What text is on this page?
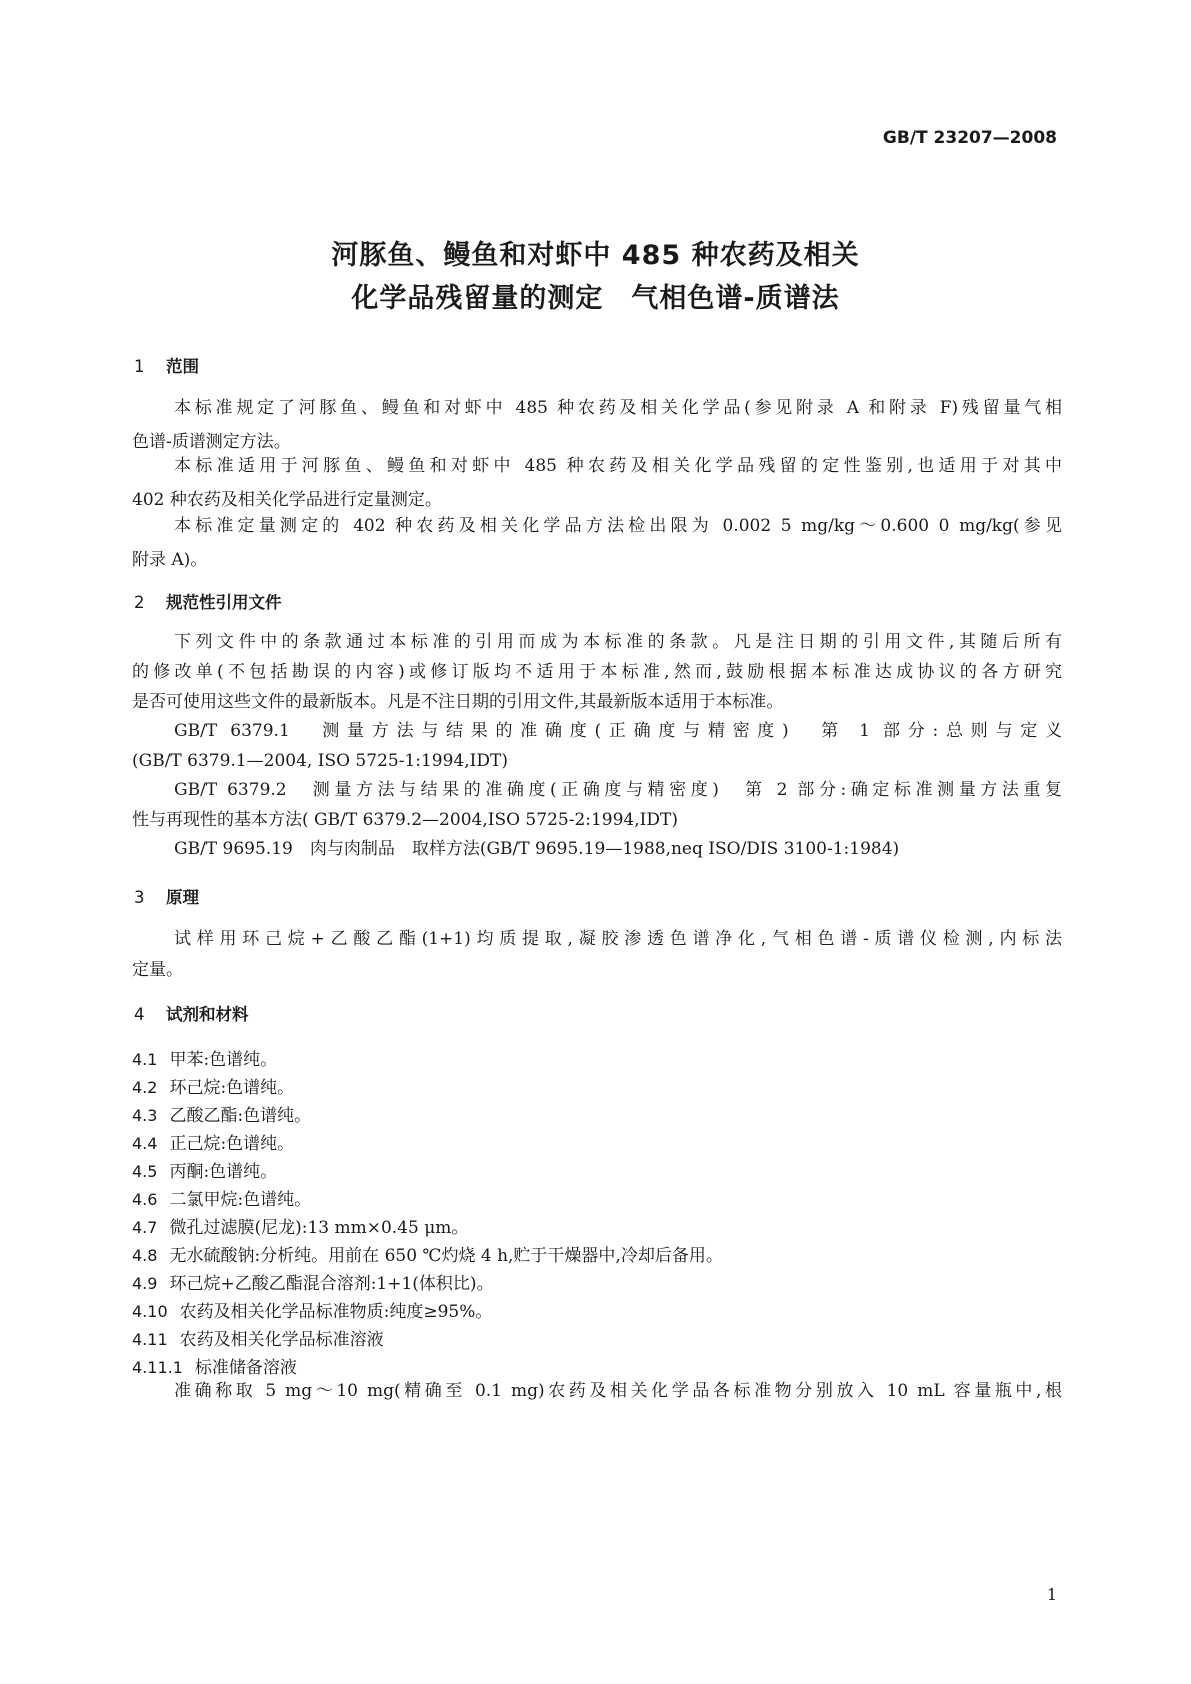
GB/T 23207—2008
河豚鱼、鳗鱼和对虾中 485 种农药及相关
化学品残留量的测定　气相色谱-质谱法
1 范围
本标准规定了河豚鱼、鳗鱼和对虾中 485 种农药及相关化学品(参见附录 A 和附录 F)残留量气相
色谱-质谱测定方法。
本标准适用于河豚鱼、鳗鱼和对虾中 485 种农药及相关化学品残留的定性鉴别,也适用于对其中
402 种农药及相关化学品进行定量测定。
本标准定量测定的 402 种农药及相关化学品方法检出限为 0.002 5 mg/kg～0.600 0 mg/kg(参见
附录 A)。
2 规范性引用文件
下列文件中的条款通过本标准的引用而成为本标准的条款。凡是注日期的引用文件,其随后所有
的修改单(不包括勘误的内容)或修订版均不适用于本标准,然而,鼓励根据本标准达成协议的各方研究
是否可使用这些文件的最新版本。凡是不注日期的引用文件,其最新版本适用于本标准。
GB/T 6379.1　测量方法与结果的准确度(正确度与精密度)　第 1 部分:总则与定义
(GB/T 6379.1—2004, ISO 5725-1:1994,IDT)
GB/T 6379.2　测量方法与结果的准确度(正确度与精密度)　第 2 部分:确定标准测量方法重复
性与再现性的基本方法( GB/T 6379.2—2004,ISO 5725-2:1994,IDT)
GB/T 9695.19　肉与肉制品　取样方法(GB/T 9695.19—1988,neq ISO/DIS 3100-1:1984)
3 原理
试样用环己烷+乙酸乙酯(1+1)均质提取,凝胶渗透色谱净化,气相色谱-质谱仪检测,内标法
定量。
4 试剂和材料
4.1 甲苯:色谱纯。
4.2 环己烷:色谱纯。
4.3 乙酸乙酯:色谱纯。
4.4 正己烷:色谱纯。
4.5 丙酮:色谱纯。
4.6 二氯甲烷:色谱纯。
4.7 微孔过滤膜(尼龙):13 mm×0.45 μm。
4.8 无水硫酸钠:分析纯。用前在 650 ℃灼烧 4 h,贮于干燥器中,冷却后备用。
4.9 环己烷+乙酸乙酯混合溶剂:1+1(体积比)。
4.10 农药及相关化学品标准物质:纯度≥95%。
4.11 农药及相关化学品标准溶液
4.11.1 标准储备溶液
准确称取 5 mg～10 mg(精确至 0.1 mg)农药及相关化学品各标准物分别放入 10 mL 容量瓶中,根
1
